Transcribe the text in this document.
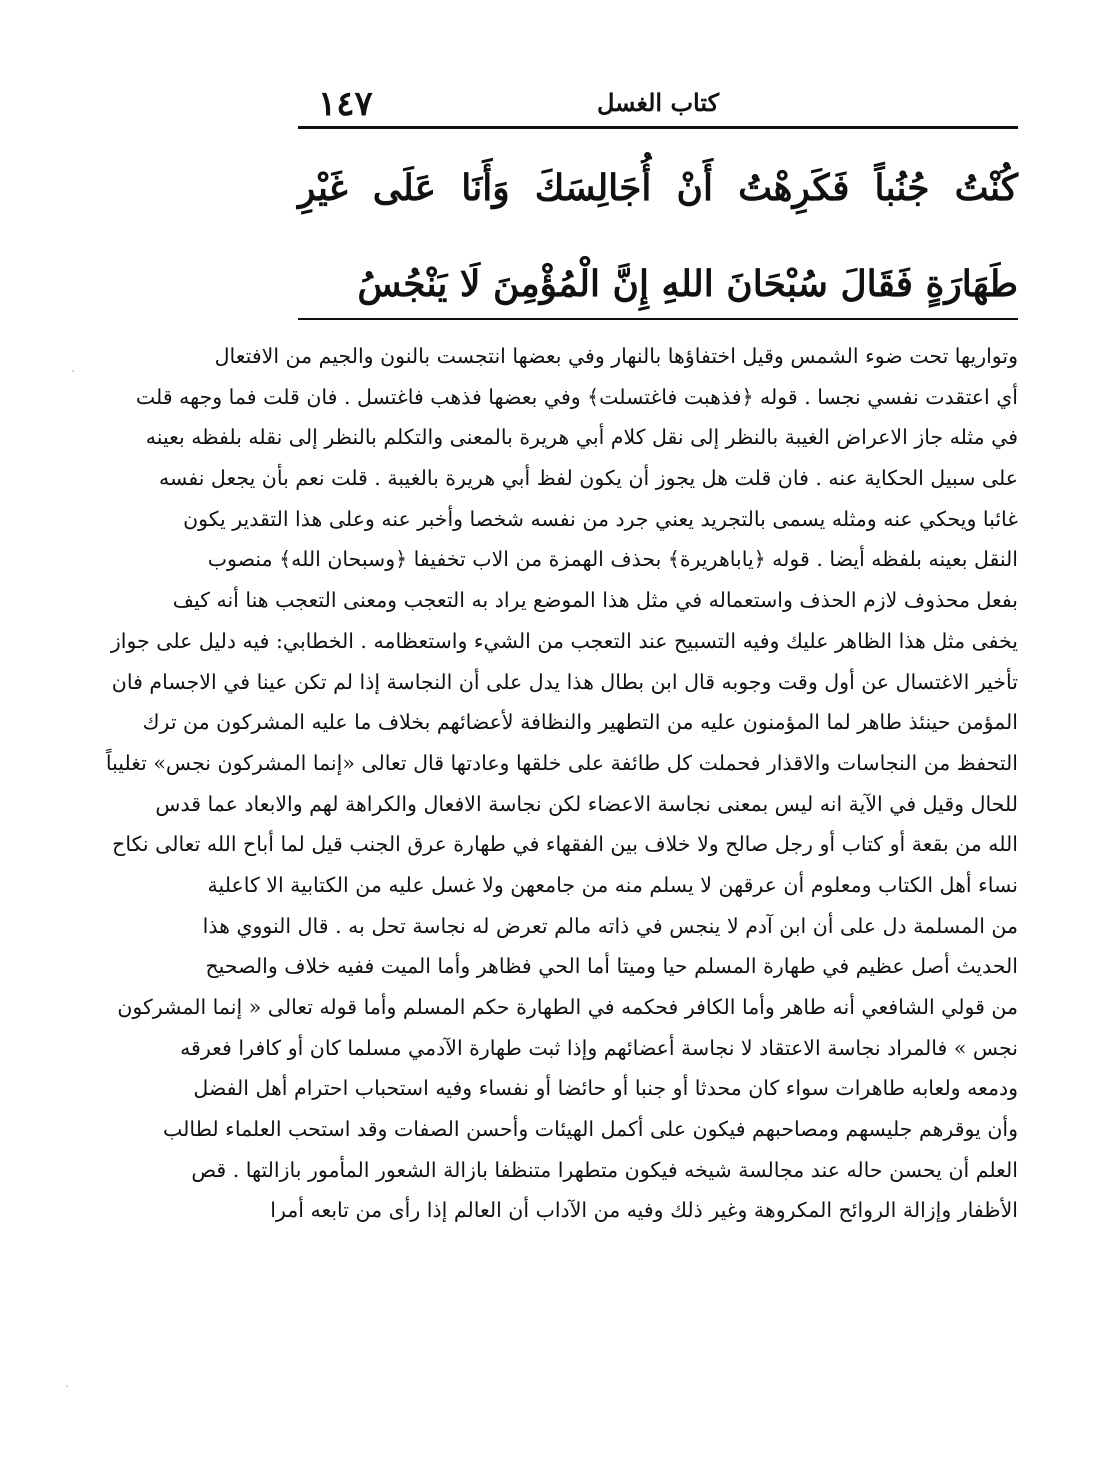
كتاب الغسل
١٤٧
كُنْتُ جُنُباً فَكَرِهْتُ أَنْ أُجَالِسَكَ وَأَنَا عَلَى غَيْرِ طَهَارَةٍ فَقَالَ سُبْحَانَ اللهِ إِنَّ الْمُؤْمِنَ لَا يَنْجُسُ
وتواريها تحت ضوء الشمس وقيل اختفاؤها بالنهار وفي بعضها انتجست بالنون والجيم من الافتعال
أي اعتقدت نفسي نجسا . قوله ﴿فذهبت فاغتسلت﴾ وفي بعضها فذهب فاغتسل . فان قلت فما وجهه قلت
في مثله جاز الاعراض الغيبة بالنظر إلى نقل كلام أبي هريرة بالمعنى والتكلم بالنظر إلى نقله بلفظه بعينه
على سبيل الحكاية عنه . فان قلت هل يجوز أن يكون لفظ أبي هريرة بالغيبة . قلت نعم بأن يجعل نفسه
غائبا ويحكي عنه ومثله يسمى بالتجريد يعني جرد من نفسه شخصا وأخبر عنه وعلى هذا التقدير يكون
النقل بعينه بلفظه أيضا . قوله ﴿ياباهريرة﴾ بحذف الهمزة من الاب تخفيفا ﴿وسبحان الله﴾ منصوب
بفعل محذوف لازم الحذف واستعماله في مثل هذا الموضع يراد به التعجب ومعنى التعجب هنا أنه كيف
يخفى مثل هذا الظاهر عليك وفيه التسبيح عند التعجب من الشيء واستعظامه . الخطابي: فيه دليل على جواز
تأخير الاغتسال عن أول وقت وجوبه قال ابن بطال هذا يدل على أن النجاسة إذا لم تكن عينا في الاجسام فان
المؤمن حينئذ طاهر لما المؤمنون عليه من التطهير والنظافة لأعضائهم بخلاف ما عليه المشركون من ترك
التحفظ من النجاسات والاقذار فحملت كل طائفة على خلقها وعادتها قال تعالى «إنما المشركون نجس» تغليباً
للحال وقيل في الآية انه ليس بمعنى نجاسة الاعضاء لكن نجاسة الافعال والكراهة لهم والابعاد عما قدس
الله من بقعة أو كتاب أو رجل صالح ولا خلاف بين الفقهاء في طهارة عرق الجنب قيل لما أباح الله تعالى نكاح
نساء أهل الكتاب ومعلوم أن عرقهن لا يسلم منه من جامعهن ولا غسل عليه من الكتابية الا كاعلية
من المسلمة دل على أن ابن آدم لا ينجس في ذاته مالم تعرض له نجاسة تحل به . قال النووي هذا
الحديث أصل عظيم في طهارة المسلم حيا وميتا أما الحي فظاهر وأما الميت ففيه خلاف والصحيح
من قولي الشافعي أنه طاهر وأما الكافر فحكمه في الطهارة حكم المسلم وأما قوله تعالى « إنما المشركون
نجس » فالمراد نجاسة الاعتقاد لا نجاسة أعضائهم وإذا ثبت طهارة الآدمي مسلما كان أو كافرا فعرقه
ودمعه ولعابه طاهرات سواء كان محدثا أو جنبا أو حائضا أو نفساء وفيه استحباب احترام أهل الفضل
وأن يوقرهم جليسهم ومصاحبهم فيكون على أكمل الهيئات وأحسن الصفات وقد استحب العلماء لطالب
العلم أن يحسن حاله عند مجالسة شيخه فيكون متطهرا متنظفا بازالة الشعور المأمور بازالتها . قص
الأظفار وإزالة الروائح المكروهة وغير ذلك وفيه من الآداب أن العالم إذا رأى من تابعه أمرا
